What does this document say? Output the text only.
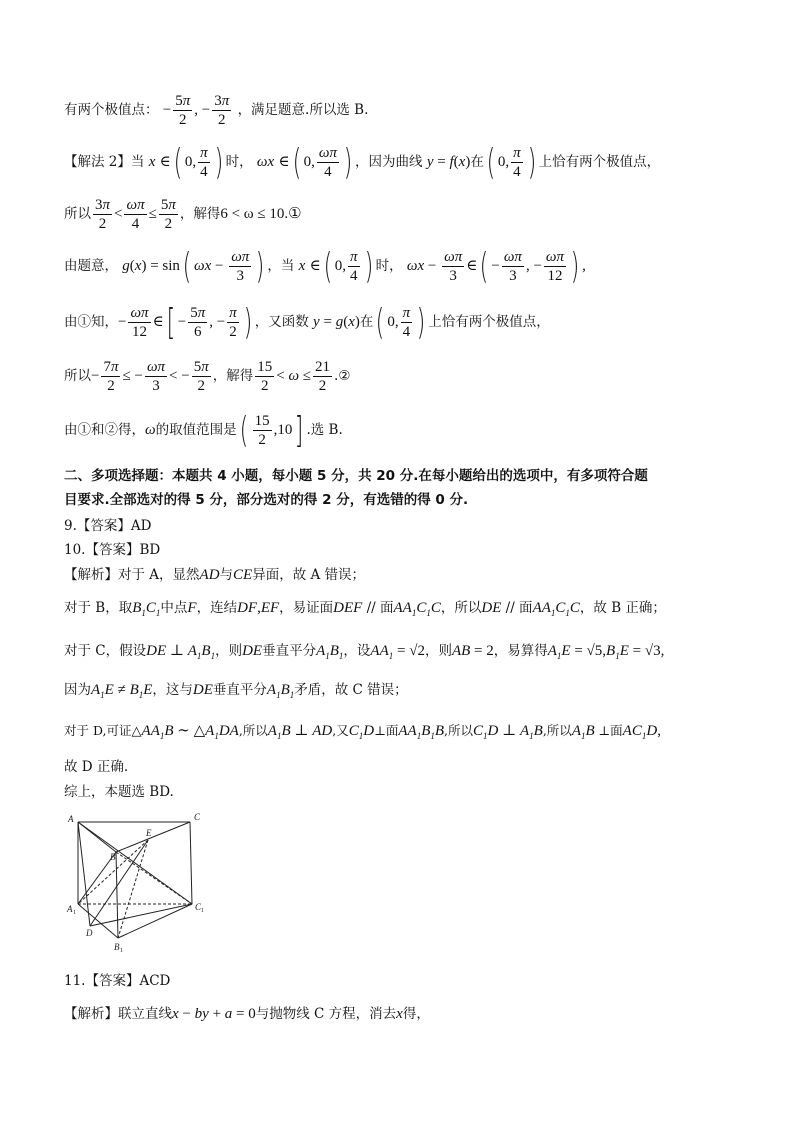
有两个极值点： − $\frac{5\pi}{2}$ , − $\frac{3\pi}{2}$ ，满足题意.所以选 B.
【解法 2】当 x ∈( 0, $\frac{\pi}{4}$ ) 时， ωx ∈( 0, $\frac{\omega\pi}{4}$ ) ，因为曲线 y = f(x)在( 0, $\frac{\pi}{4}$ ) 上恰有两个极值点，
所以 $\frac{3\pi}{2} < \frac{\omega\pi}{4} \le \frac{5\pi}{2}$ ，解得6 < ω ≤ 10.①
由题意， g(x) = sin( $\omega x - \frac{\omega\pi}{3}$ ) ，当 x ∈( 0, $\frac{\pi}{4}$ ) 时， $\omega x - \frac{\omega\pi}{3}$ ∈( − $\frac{\omega\pi}{3}$ , − $\frac{\omega\pi}{12}$ ) ,
由①知，− $\frac{\omega\pi}{12}$ ∈[ − $\frac{5\pi}{6}$ , − $\frac{\pi}{2}$ ) ，又函数 y = g(x)在( 0, $\frac{\pi}{4}$ ) 上恰有两个极值点，
所以− $\frac{7\pi}{2}$ ≤ − $\frac{\omega\pi}{3}$ < − $\frac{5\pi}{2}$ ，解得 $\frac{15}{2} < \omega \le \frac{21}{2}$ .②
由①和②得，ω的取值范围是( $\frac{15}{2} ,10$] .选 B.
二、多项选择题：本题共 4 小题，每小题 5 分，共 20 分.在每小题给出的选项中，有多项符合题
目要求.全部选对的得 5 分，部分选对的得 2 分，有选错的得 0 分.
9.【答案】AD
10.【答案】BD
【解析】对于 A，显然AD与CE异面，故 A 错误；
对于 B，取$B_1C_1$中点F，连结DF,EF，易证面DEF // 面$AA_1C_1C$，所以DE // 面$AA_1C_1C$，故 B 正确；
对于 C，假设DE ⊥ $A_1B_1$，则DE垂直平分$A_1B_1$，设$AA_1 = √2$，则AB = 2，易算得$A_1E = √5,B_1E = √3$,
因为$A_1E \ne B_1E$，这与DE垂直平分$A_1B_1$矛盾，故 C 错误；
对于 D,可证$\triangle AA_1B$ ∼ $\triangle A_1DA$,所以$A_1B$ ⊥ AD,又$C_1D\perp$面$AA_1B_1B$,所以$C_1D$ ⊥ $A_1B$,所以$A_1B$ ⊥面$AC_1D$,
故 D 正确.
综上，本题选 BD.
A	C
E
B
A 1
C 1
D
B 1
11.【答案】ACD
【解析】联立直线x − by + a = 0与抛物线 C 方程，消去x得，
